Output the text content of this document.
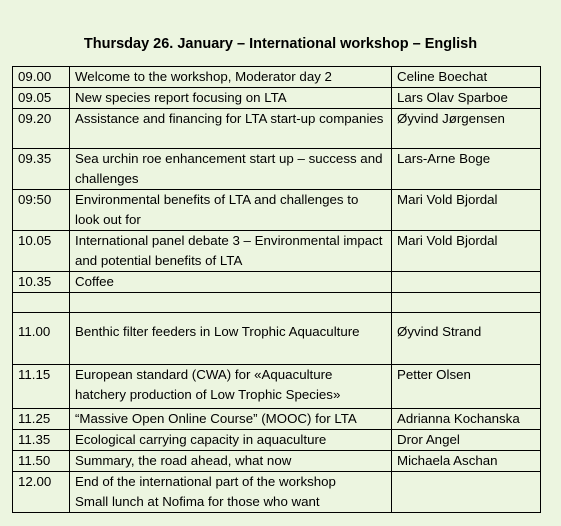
Thursday 26. January – International workshop – English
09.00	Welcome to the workshop, Moderator day 2	Celine Boechat
09.05	New species report focusing on LTA	Lars Olav Sparboe
09.20	Assistance and financing for LTA start-up companies	Øyvind Jørgensen
09.35	Sea urchin roe enhancement start up – success and challenges	Lars-Arne Boge
09:50	Environmental benefits of LTA and challenges to look out for	Mari Vold Bjordal
10.05	International panel debate 3 – Environmental impact and potential benefits of LTA	Mari Vold Bjordal
10.35	Coffee	

11.00	Benthic filter feeders in Low Trophic Aquaculture	Øyvind Strand
11.15	European standard (CWA) for «Aquaculture hatchery production of Low Trophic Species»	Petter Olsen
11.25	“Massive Open Online Course” (MOOC) for LTA	Adrianna Kochanska
11.35	Ecological carrying capacity in aquaculture	Dror Angel
11.50	Summary, the road ahead, what now	Michaela Aschan
12.00	End of the international part of the workshop
Small lunch at Nofima for those who want	
